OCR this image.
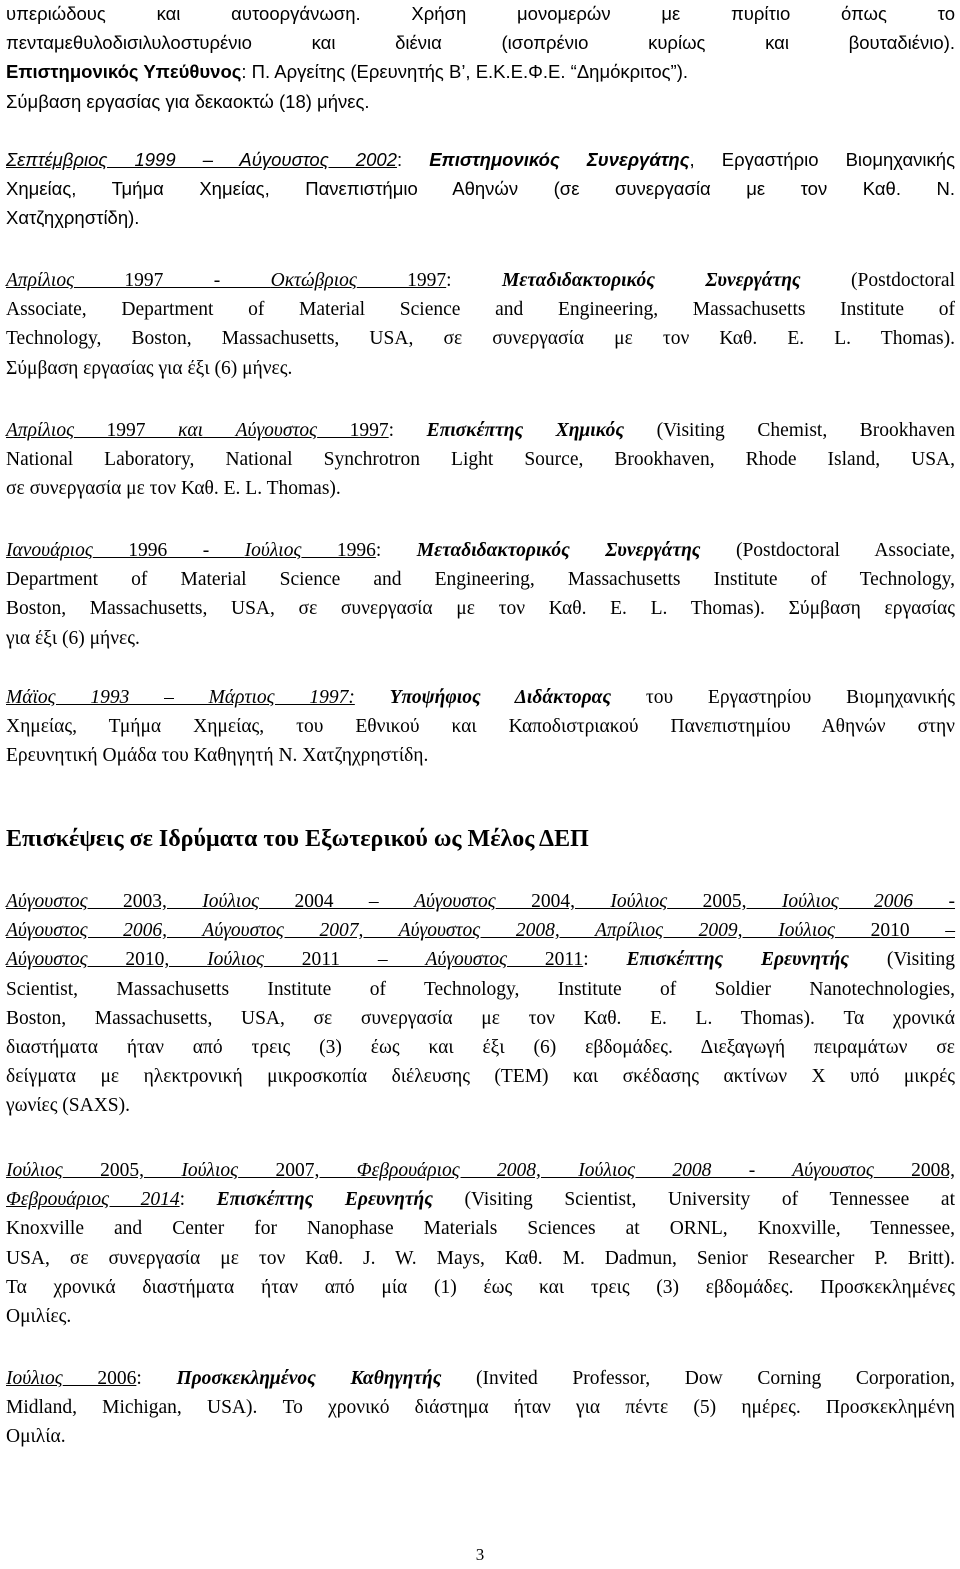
υπεριώδους και αυτοοργάνωση. Χρήση μονομερών με πυρίτιο όπως το
πενταμεθυλοδισιλυλοστυρένιο και διένια (ισοπρένιο κυρίως και βουταδιένιο).
Επιστημονικός Υπεύθυνος: Π. Αργείτης (Ερευνητής Β’, Ε.Κ.Ε.Φ.Ε. “Δημόκριτος”).
Σύμβαση εργασίας για δεκαοκτώ (18) μήνες.
Σεπτέμβριος 1999 – Αύγουστος 2002: Επιστημονικός Συνεργάτης, Εργαστήριο Βιομηχανικής
Χημείας, Τμήμα Χημείας, Πανεπιστήμιο Αθηνών (σε συνεργασία με τον Καθ. Ν.
Χατζηχρηστίδη).
Απρίλιος 1997 - Οκτώβριος 1997: Μεταδιδακτορικός Συνεργάτης (Postdoctoral
Associate, Department of Material Science and Engineering, Massachusetts Institute of
Technology, Boston, Massachusetts, USA, σε συνεργασία με τον Καθ. E. L. Thomas).
Σύμβαση εργασίας για έξι (6) μήνες.
Απρίλιος 1997 και Αύγουστος 1997: Επισκέπτης Χημικός (Visiting Chemist, Brookhaven
National Laboratory, National Synchrotron Light Source, Brookhaven, Rhode Island, USA,
σε συνεργασία με τον Καθ. E. L. Thomas).
Ιανουάριος 1996 - Ιούλιος 1996: Μεταδιδακτορικός Συνεργάτης (Postdoctoral Associate,
Department of Material Science and Engineering, Massachusetts Institute of Technology,
Boston, Massachusetts, USA, σε συνεργασία με τον Καθ. E. L. Thomas). Σύμβαση εργασίας
για έξι (6) μήνες.
Μάϊος 1993 – Μάρτιος 1997: Υποψήφιος Διδάκτορας του Εργαστηρίου Βιομηχανικής
Χημείας, Τμήμα Χημείας, του Εθνικού και Καποδιστριακού Πανεπιστημίου Αθηνών στην
Ερευνητική Ομάδα του Καθηγητή Ν. Χατζηχρηστίδη.
Επισκέψεις σε Ιδρύματα του Εξωτερικού ως Μέλος ΔΕΠ
Αύγουστος 2003, Ιούλιος 2004 – Αύγουστος 2004, Ιούλιος 2005, Ιούλιος 2006 -
Αύγουστος 2006, Αύγουστος 2007, Αύγουστος 2008, Απρίλιος 2009, Ιούλιος 2010 –
Αύγουστος 2010, Ιούλιος 2011 – Αύγουστος 2011: Επισκέπτης Ερευνητής (Visiting
Scientist, Massachusetts Institute of Technology, Institute of Soldier Nanotechnologies,
Boston, Massachusetts, USA, σε συνεργασία με τον Καθ. E. L. Thomas). Τα χρονικά
διαστήματα ήταν από τρεις (3) έως και έξι (6) εβδομάδες. Διεξαγωγή πειραμάτων σε
δείγματα με ηλεκτρονική μικροσκοπία διέλευσης (TEM) και σκέδασης ακτίνων Χ υπό μικρές
γωνίες (SAXS).
Ιούλιος 2005, Ιούλιος 2007, Φεβρουάριος 2008, Ιούλιος 2008 - Αύγουστος 2008,
Φεβρουάριος 2014: Επισκέπτης Ερευνητής (Visiting Scientist, University of Tennessee at
Knoxville and Center for Nanophase Materials Sciences at ORNL, Knoxville, Tennessee,
USA, σε συνεργασία με τον Καθ. J. W. Mays, Καθ. M. Dadmun, Senior Researcher P. Britt).
Τα χρονικά διαστήματα ήταν από μία (1) έως και τρεις (3) εβδομάδες. Προσκεκλημένες
Ομιλίες.
Ιούλιος 2006: Προσκεκλημένος Καθηγητής (Invited Professor, Dow Corning Corporation,
Midland, Michigan, USA). Το χρονικό διάστημα ήταν για πέντε (5) ημέρες. Προσκεκλημένη
Ομιλία.
3
